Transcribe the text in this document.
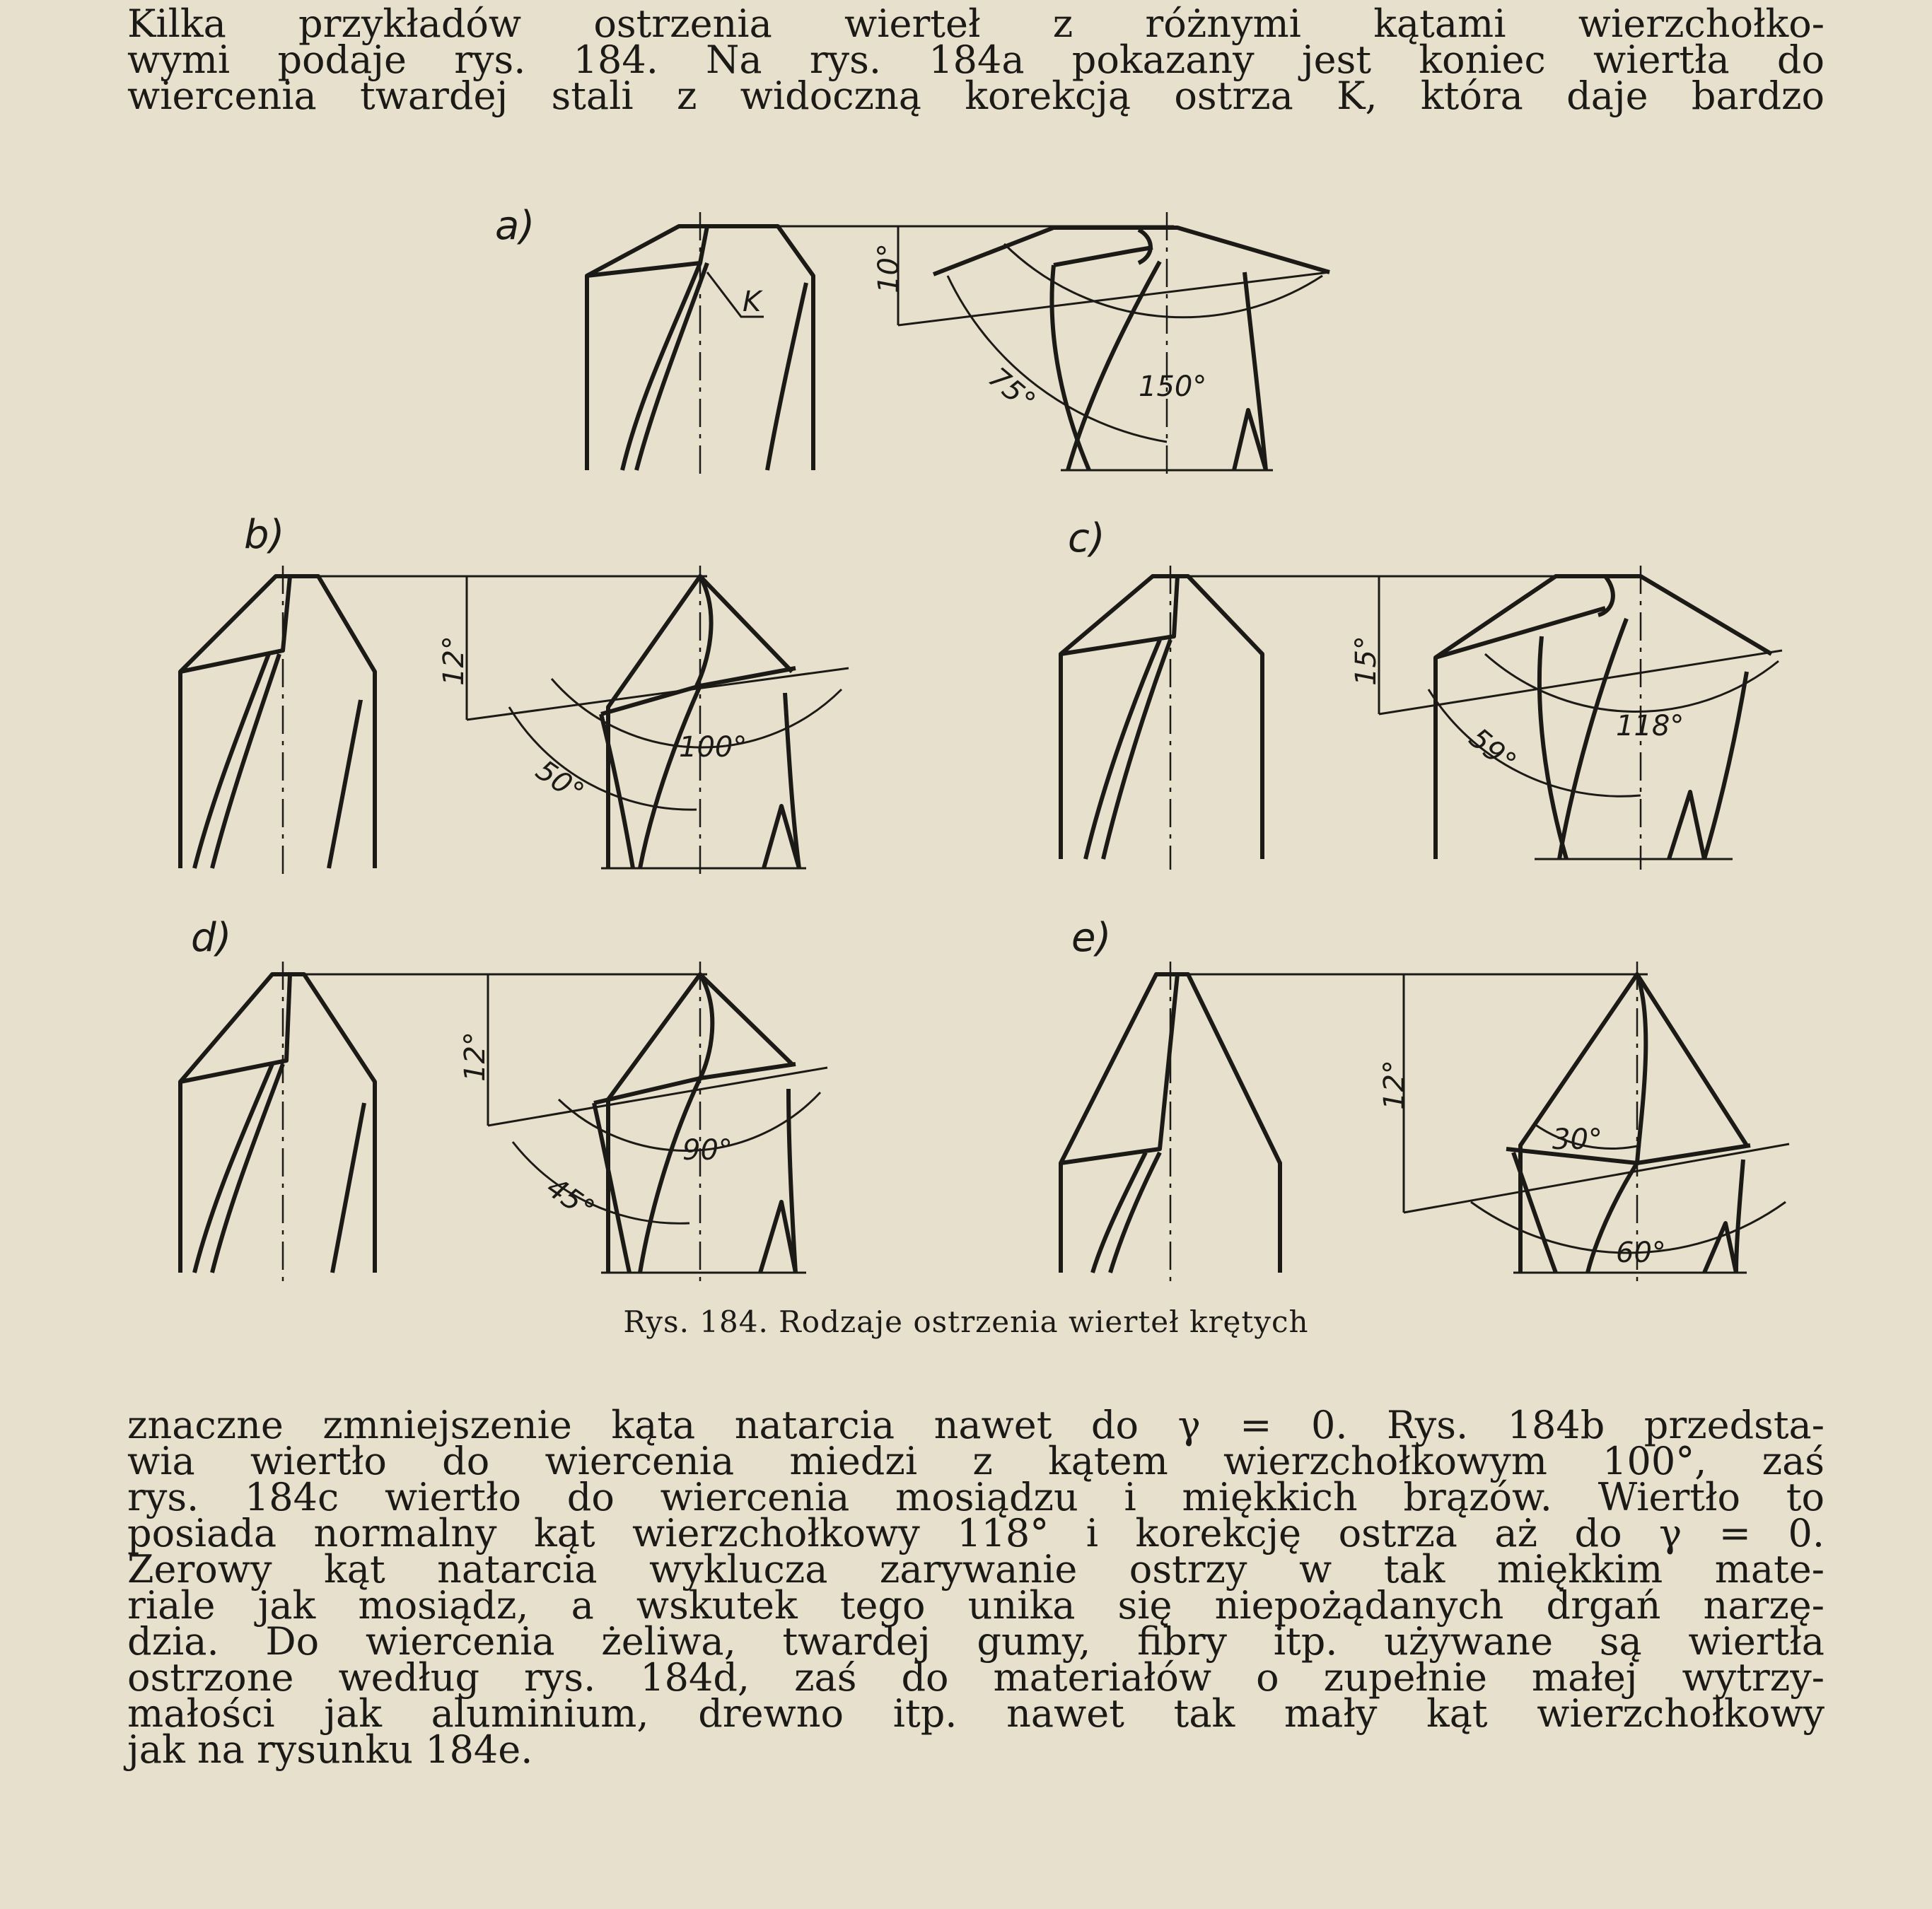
Kilka przykładów ostrzenia wierteł z różnymi kątami wierzchołko-
wymi podaje rys. 184. Na rys. 184a pokazany jest koniec wiertła do
wiercenia twardej stali z widoczną korekcją ostrza K, która daje bardzo
a)
K
10°
75°	150°
b)
12°
50°
100°
c)
15°
59°	118°
d)
12°
45°
90°
e)
12°
30°
60°
Rys. 184. Rodzaje ostrzenia wierteł krętych
znaczne zmniejszenie kąta natarcia nawet do γ = 0. Rys. 184b przedsta-
wia wiertło do wiercenia miedzi z kątem wierzchołkowym 100°, zaś
rys. 184c wiertło do wiercenia mosiądzu i miękkich brązów. Wiertło to
posiada normalny kąt wierzchołkowy 118° i korekcję ostrza aż do γ = 0.
Zerowy kąt natarcia wyklucza zarywanie ostrzy w tak miękkim mate-
riale jak mosiądz, a wskutek tego unika się niepożądanych drgań narzę-
dzia. Do wiercenia żeliwa, twardej gumy, fibry itp. używane są wiertła
ostrzone według rys. 184d, zaś do materiałów o zupełnie małej wytrzy-
małości jak aluminium, drewno itp. nawet tak mały kąt wierzchołkowy
jak na rysunku 184e.
